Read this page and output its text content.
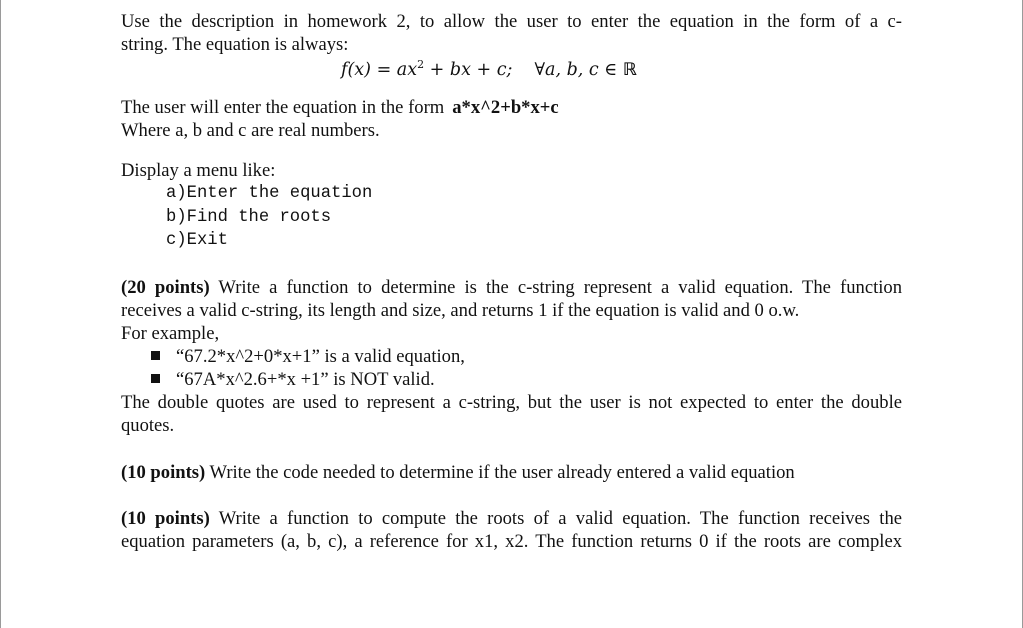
Use the description in homework 2, to allow the user to enter the equation in the form of a c-
string. The equation is always:
$f(x) = ax^2$ + bx + c; ∀a, b, c ∈ ℝ
The user will enter the equation in the form a*x^2+b*x+c
Where a, b and c are real numbers.
Display a menu like:
a)Enter the equation
b)Find the roots
c)Exit
(20 points) Write a function to determine is the c-string represent a valid equation. The function
receives a valid c-string, its length and size, and returns 1 if the equation is valid and 0 o.w.
For example,
“67.2*x^2+0*x+1” is a valid equation,
“67A*x^2.6+*x +1” is NOT valid.
The double quotes are used to represent a c-string, but the user is not expected to enter the double
quotes.
(10 points) Write the code needed to determine if the user already entered a valid equation
(10 points) Write a function to compute the roots of a valid equation. The function receives the
equation parameters (a, b, c), a reference for x1, x2. The function returns 0 if the roots are complex
